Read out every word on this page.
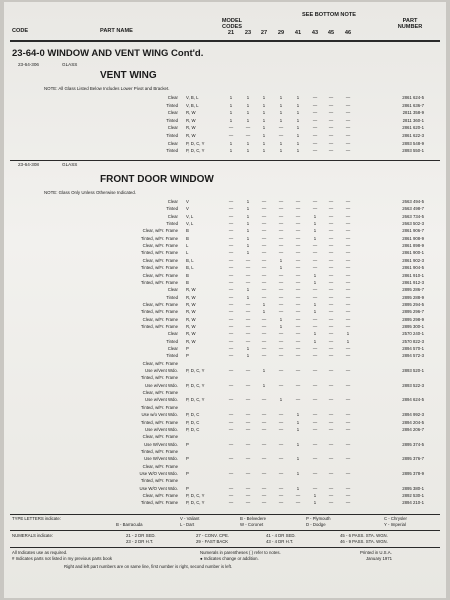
CODE	PART NAME
MODEL CODES
SEE BOTTOM NOTE
PART NUMBER
21	23	27	29	41	43	45	46
23-64-0 WINDOW AND VENT WING Cont'd.
23-64-306	GLASS
VENT WING
NOTE: All Glass Listed Below Includes Lower Pivot and Bracket.
Clear V, B, L	1	1	1	1	1	—	—	—	2861 624-5
Tinted V, B, L	1	1	1	1	1	—	—	—	2861 636-7
Clear R, W	1	1	1	1	1	—	—	—	2811 358-9
Tinted R, W	1	1	1	1	1	—	—	—	2811 360-1
Clear R, W	—	—	1	—	1	—	—	—	2861 620-1
Tinted R, W	—	—	1	—	1	—	—	—	2861 622-3
Clear P, D, C, Y	1	1	1	1	1	—	—	—	2893 548-9
Tinted P, D, C, Y	1	1	1	1	1	—	—	—	2893 550-1
23-64-308	GLASS
FRONT DOOR WINDOW
NOTE: Glass Only Unless Otherwise Indicated.
Clear V	—	1	—	—	—	—	—	—	2663 494-5
Tinted V	—	1	—	—	—	—	—	—	2663 498-7
Clear V, L	—	1	—	—	—	1	—	—	2663 734-5
Tinted V, L	—	1	—	—	—	1	—	—	2663 502-3
Clear, w/Fr. Frame B	—	1	—	—	—	1	—	—	2861 906-7
Tinted, w/Fr. Frame B	—	1	—	—	—	1	—	—	2861 908-9
Clear, w/Fr. Frame L	—	1	—	—	—	—	—	—	2861 898-9
Tinted, w/Fr. Frame L	—	1	—	—	—	—	—	—	2861 900-1
Clear, w/Fr. Frame B, L	—	—	—	1	—	—	—	—	2861 902-3
Tinted, w/Fr. Frame B, L	—	—	—	1	—	—	—	—	2861 904-5
Clear, w/Fr. Frame B	—	—	—	—	—	1	—	—	2861 910-1
Tinted, w/Fr. Frame B	—	—	—	—	—	1	—	—	2861 912-3
Clear R, W	—	1	—	—	—	—	—	—	2895 286-7
Tinted R, W	—	1	—	—	—	—	—	—	2895 288-9
Clear, w/Fr. Frame R, W	—	—	1	—	—	1	—	—	2895 294-5
Tinted, w/Fr. Frame R, W	—	—	1	—	—	1	—	—	2895 296-7
Clear, w/Fr. Frame R, W	—	—	—	1	—	—	—	—	2895 298-9
Tinted, w/Fr. Frame R, W	—	—	—	1	—	—	—	—	2895 300-1
Clear R, W	—	—	—	—	—	1	—	1	2570 240-1
Tinted R, W	—	—	—	—	—	1	—	1	2570 822-3
Clear P	—	1	—	—	—	—	—	—	2894 570-1
Tinted P	—	1	—	—	—	—	—	—	2894 572-3
Clear, w/Fr. Frame
Use w/Vent Wdo. P, D, C, Y	—	—	1	—	—	—	—	—	2893 520-1
Tinted, w/Fr. Frame
Use w/Vent Wdo. P, D, C, Y	—	—	1	—	—	—	—	—	2893 522-3
Clear, w/Fr. Frame
Use w/Vent Wdo. P, D, C, Y	—	—	—	1	—	—	—	—	2894 624-5
Tinted, w/Fr. Frame
Use w/o Vent Wdo. P, D, C	—	—	—	—	1	—	—	—	2894 992-3
Tinted, w/Fr. Frame P, D, C	—	—	—	—	1	—	—	—	2894 204-5
Use w/Vent Wdo. P, D, C	—	—	—	—	1	—	—	—	2894 206-7
Clear, w/Fr. Frame
Use W/Vent Wdo. P	—	—	—	—	1	—	—	—	2895 374-5
Tinted, w/Fr. Frame
Use W/Vent Wdo. P	—	—	—	—	1	—	—	—	2895 376-7
Clear, w/Fr. Frame
Use W/O Vent Wdo. P	—	—	—	—	1	—	—	—	2895 378-9
Tinted, w/Fr. Frame
Use W/O Vent Wdo. P	—	—	—	—	1	—	—	—	2895 380-1
Clear, w/Fr. Frame P, D, C, Y	—	—	—	—	—	1	—	—	2892 530-1
Tinted, w/Fr. Frame P, D, C, Y	—	—	—	—	—	1	—	—	2894 210-1
TYPE LETTERS indicate:	V - Valiant	B - Belvedere	P - Plymouth	C - Chrysler
B - Barracuda	L - Dart	W - Coronet	D - Dodge	Y - Imperial
NUMERALS indicate:	21 - 2 DR SED.	27 - CONV. CPE.	41 - 4 DR SED.	45 - 6 PASS. STA. WGN.
23 - 2 DR H.T.	29 - FAST BACK	43 - 4 DR H.T.	46 - 9 PASS. STA. WGN.
All Indicates use as required.
# Indicates parts not listed in my previous parts book
Numerals in parentheses ( ) refer to notes.
● Indicates change or addition.
Printed in U.S.A.
January 1971
Right and left part numbers are on same line, first number is right, second number is left.
